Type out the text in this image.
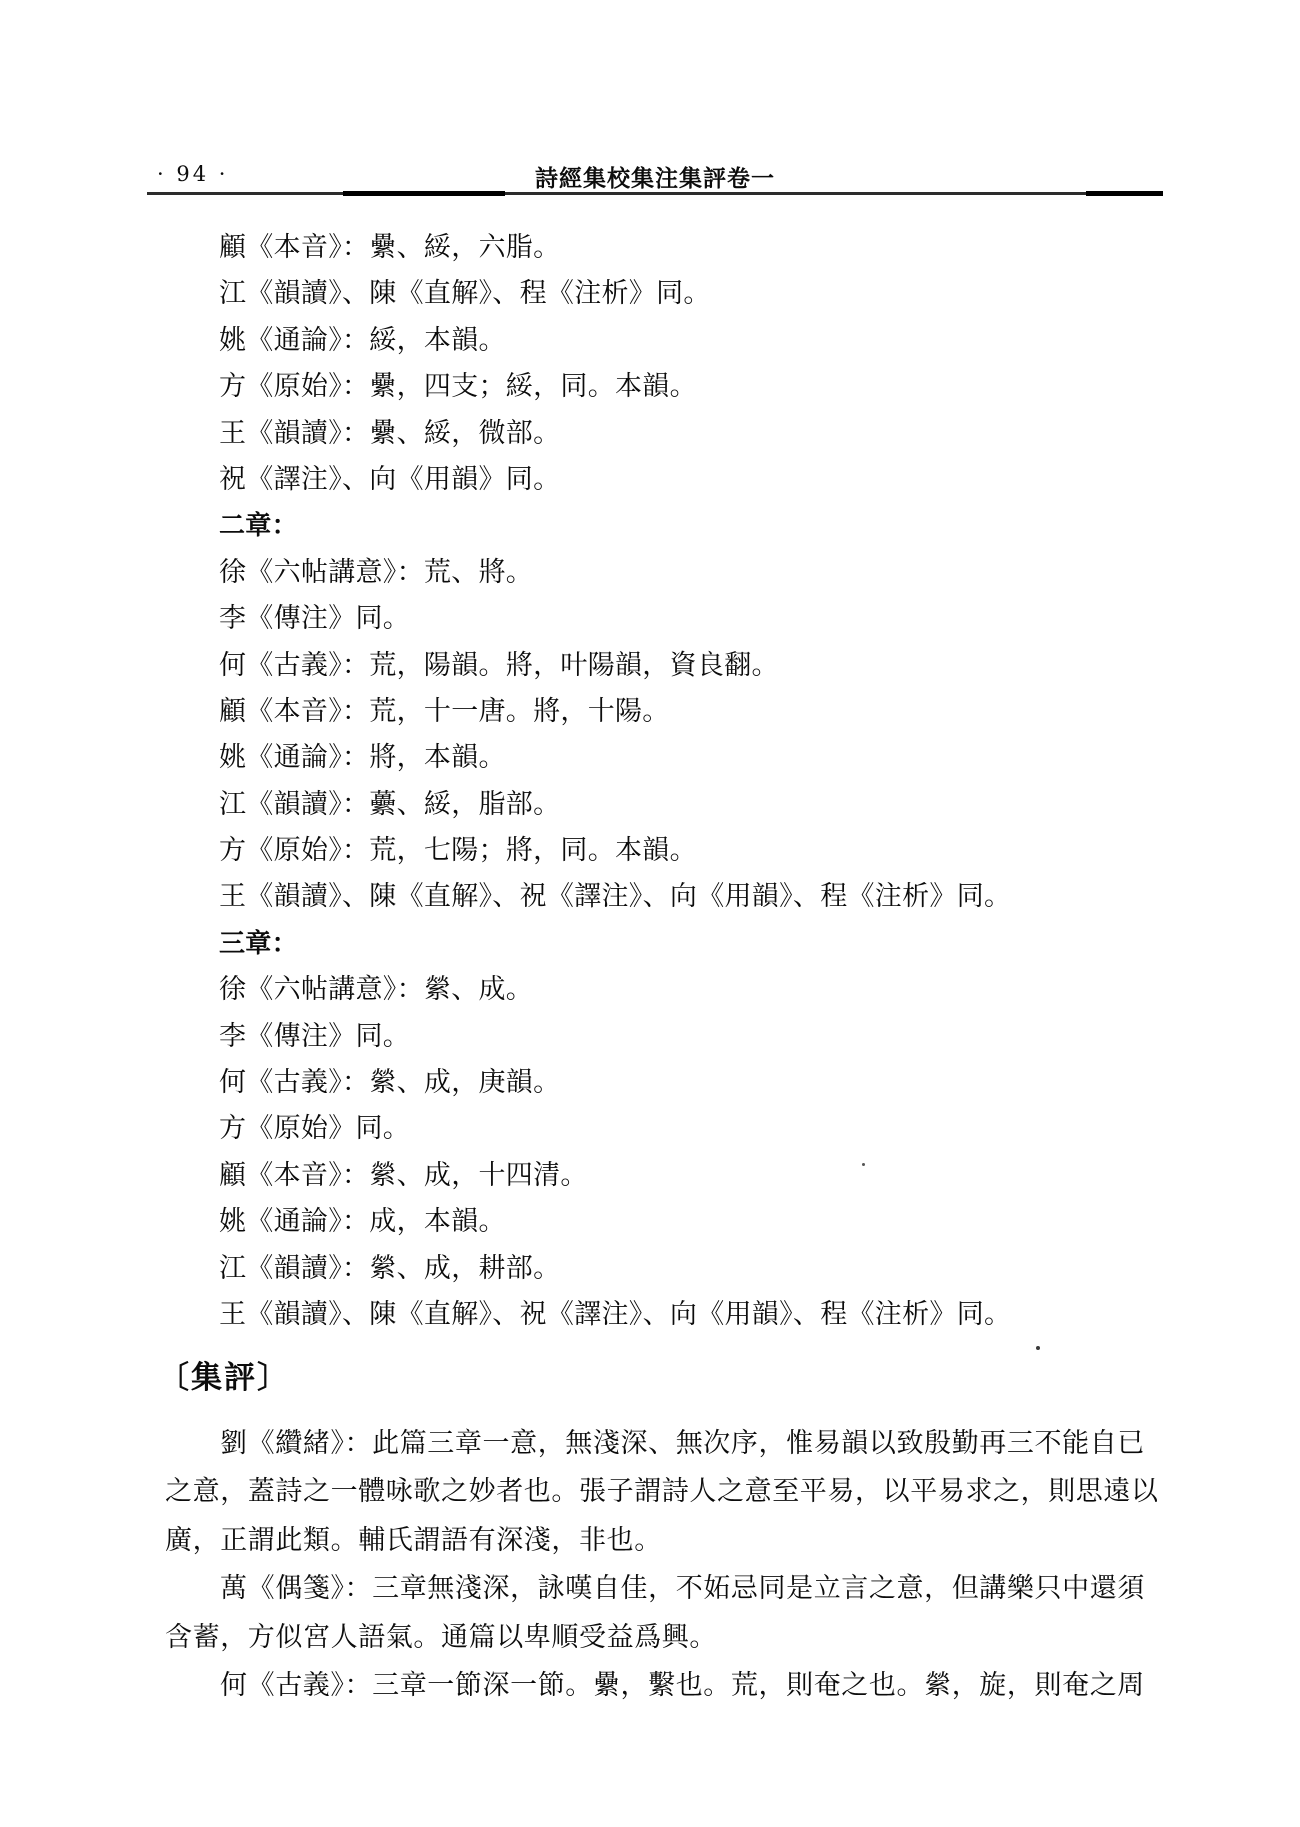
· 94 ·	詩經集校集注集評卷一
顧《本音》：纍、綏，六脂。
江《韻讀》、陳《直解》、程《注析》同。
姚《通論》：綏，本韻。
方《原始》：纍，四支；綏，同。本韻。
王《韻讀》：纍、綏，微部。
祝《譯注》、向《用韻》同。
二章：
徐《六帖講意》：荒、將。
李《傳注》同。
何《古義》：荒，陽韻。將，叶陽韻，資良翻。
顧《本音》：荒，十一唐。將，十陽。
姚《通論》：將，本韻。
江《韻讀》：虆、綏，脂部。
方《原始》：荒，七陽；將，同。本韻。
王《韻讀》、陳《直解》、祝《譯注》、向《用韻》、程《注析》同。
三章：
徐《六帖講意》：縈、成。
李《傳注》同。
何《古義》：縈、成，庚韻。
方《原始》同。
顧《本音》：縈、成，十四清。
姚《通論》：成，本韻。
江《韻讀》：縈、成，耕部。
王《韻讀》、陳《直解》、祝《譯注》、向《用韻》、程《注析》同。
〔集評〕
劉《纘緒》：此篇三章一意，無淺深、無次序，惟易韻以致殷勤再三不能自已
之意，蓋詩之一體咏歌之妙者也。張子謂詩人之意至平易，以平易求之，則思遠以
廣，正謂此類。輔氏謂語有深淺，非也。
萬《偶箋》：三章無淺深，詠嘆自佳，不妬忌同是立言之意，但講樂只中還須
含蓄，方似宮人語氣。通篇以卑順受益爲興。
何《古義》：三章一節深一節。纍，繫也。荒，則奄之也。縈，旋，則奄之周
